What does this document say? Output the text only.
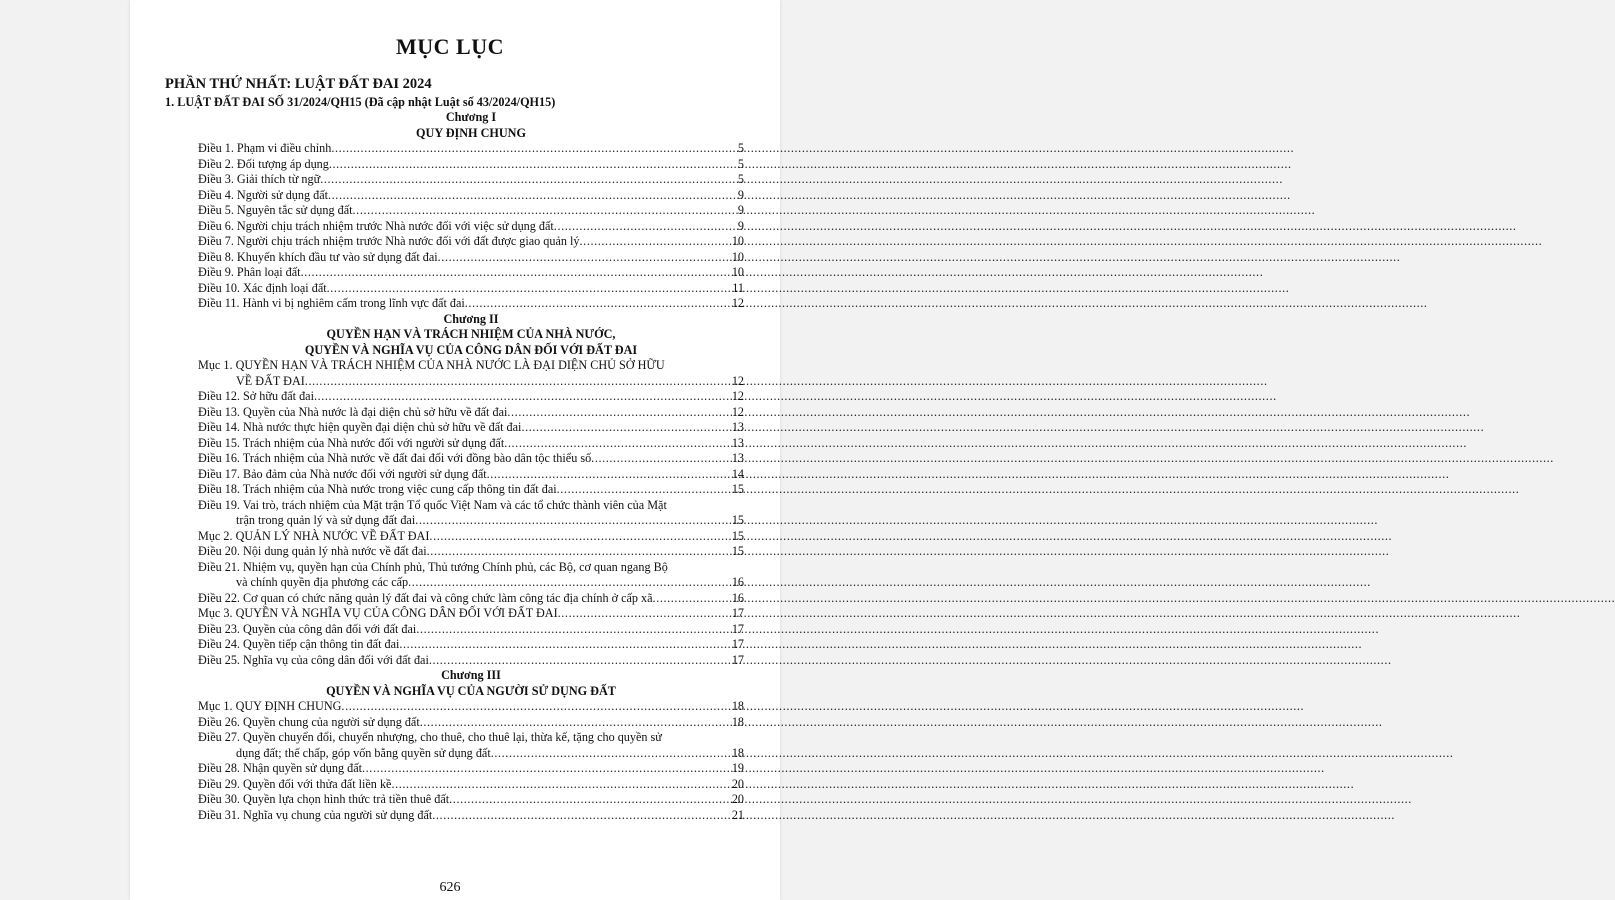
MỤC LỤC
PHẦN THỨ NHẤT: LUẬT ĐẤT ĐAI 2024
1. LUẬT ĐẤT ĐAI SỐ 31/2024/QH15 (Đã cập nhật Luật số 43/2024/QH15)
Chương I
QUY ĐỊNH CHUNG
Điều 1. Phạm vi điều chỉnh .....	5
Điều 2. Đối tượng áp dụng .....	5
Điều 3. Giải thích từ ngữ .....	5
Điều 4. Người sử dụng đất .....	9
Điều 5. Nguyên tắc sử dụng đất .....	9
Điều 6. Người chịu trách nhiệm trước Nhà nước đối với việc sử dụng đất .....	9
Điều 7. Người chịu trách nhiệm trước Nhà nước đối với đất được giao quản lý .....	10
Điều 8. Khuyến khích đầu tư vào sử dụng đất đai .....	10
Điều 9. Phân loại đất .....	10
Điều 10. Xác định loại đất .....	11
Điều 11. Hành vi bị nghiêm cấm trong lĩnh vực đất đai .....	12
Chương II
QUYỀN HẠN VÀ TRÁCH NHIỆM CỦA NHÀ NƯỚC,
QUYỀN VÀ NGHĨA VỤ CỦA CÔNG DÂN ĐỐI VỚI ĐẤT ĐAI
Mục 1. QUYỀN HẠN VÀ TRÁCH NHIỆM CỦA NHÀ NƯỚC LÀ ĐẠI DIỆN CHỦ SỞ HỮU
VỀ ĐẤT ĐAI .....	12
Điều 12. Sở hữu đất đai .....	12
Điều 13. Quyền của Nhà nước là đại diện chủ sở hữu về đất đai .....	12
Điều 14. Nhà nước thực hiện quyền đại diện chủ sở hữu về đất đai .....	13
Điều 15. Trách nhiệm của Nhà nước đối với người sử dụng đất .....	13
Điều 16. Trách nhiệm của Nhà nước về đất đai đối với đồng bào dân tộc thiểu số .....	13
Điều 17. Bảo đảm của Nhà nước đối với người sử dụng đất .....	14
Điều 18. Trách nhiệm của Nhà nước trong việc cung cấp thông tin đất đai .....	15
Điều 19. Vai trò, trách nhiệm của Mặt trận Tổ quốc Việt Nam và các tổ chức thành viên của Mặt
trận trong quản lý và sử dụng đất đai .....	15
Mục 2. QUẢN LÝ NHÀ NƯỚC VỀ ĐẤT ĐAI .....	15
Điều 20. Nội dung quản lý nhà nước về đất đai .....	15
Điều 21. Nhiệm vụ, quyền hạn của Chính phủ, Thủ tướng Chính phủ, các Bộ, cơ quan ngang Bộ
và chính quyền địa phương các cấp .....	16
Điều 22. Cơ quan có chức năng quản lý đất đai và công chức làm công tác địa chính ở cấp xã .....	16
Mục 3. QUYỀN VÀ NGHĨA VỤ CỦA CÔNG DÂN ĐỐI VỚI ĐẤT ĐAI .....	17
Điều 23. Quyền của công dân đối với đất đai .....	17
Điều 24. Quyền tiếp cận thông tin đất đai .....	17
Điều 25. Nghĩa vụ của công dân đối với đất đai .....	17
Chương III
QUYỀN VÀ NGHĨA VỤ CỦA NGƯỜI SỬ DỤNG ĐẤT
Mục 1. QUY ĐỊNH CHUNG .....	18
Điều 26. Quyền chung của người sử dụng đất .....	18
Điều 27. Quyền chuyển đổi, chuyển nhượng, cho thuê, cho thuê lại, thừa kế, tặng cho quyền sử
dụng đất; thế chấp, góp vốn bằng quyền sử dụng đất .....	18
Điều 28. Nhận quyền sử dụng đất .....	19
Điều 29. Quyền đối với thửa đất liền kề .....	20
Điều 30. Quyền lựa chọn hình thức trả tiền thuê đất .....	20
Điều 31. Nghĩa vụ chung của người sử dụng đất .....	21
626
